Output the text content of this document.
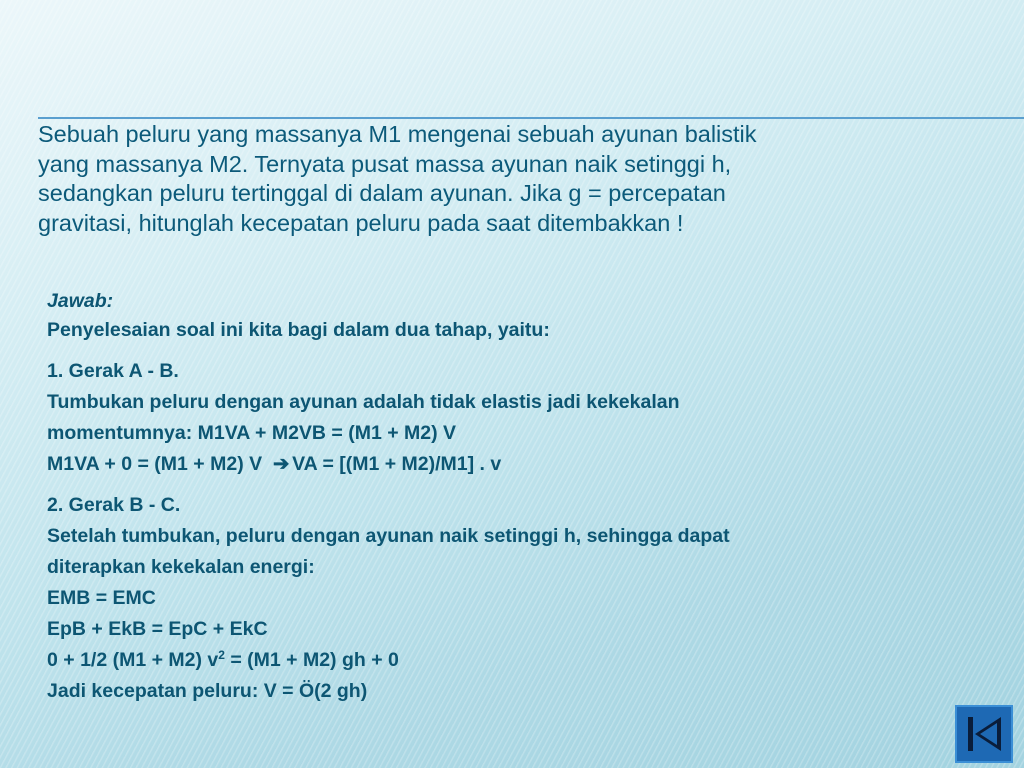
Sebuah peluru yang massanya M1 mengenai sebuah ayunan balistik
yang massanya M2. Ternyata pusat massa ayunan naik setinggi h,
sedangkan peluru tertinggal di dalam ayunan. Jika g = percepatan
gravitasi, hitunglah kecepatan peluru pada saat ditembakkan !

Jawab:

Penyelesaian soal ini kita bagi dalam dua tahap, yaitu:

1. Gerak A - B.

Tumbukan peluru dengan ayunan adalah tidak elastis jadi kekekalan

momentumnya: M1VA + M2VB = (M1 + M2) V

M1VA + 0 = (M1 + M2) V ➔ VA = [(M1 + M2)/M1] . v

2. Gerak B - C.

Setelah tumbukan, peluru dengan ayunan naik setinggi h, sehingga dapat

diterapkan kekekalan energi:

EMB = EMC

EpB + EkB = EpC + EkC

0 + 1/2 (M1 + M2) $v^2 = (M1 + M2)$ gh + 0

Jadi kecepatan peluru: V = Ö(2 gh)
